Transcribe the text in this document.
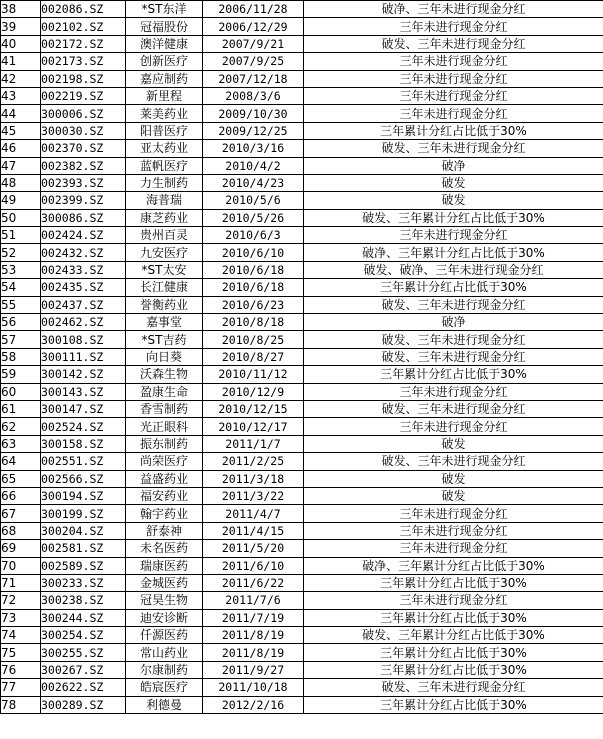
38	002086.SZ	*ST东洋	2006/11/28	破净、三年未进行现金分红
39	002102.SZ	冠福股份	2006/12/29	三年未进行现金分红
40	002172.SZ	澳洋健康	2007/9/21	破发、三年未进行现金分红
41	002173.SZ	创新医疗	2007/9/25	三年未进行现金分红
42	002198.SZ	嘉应制药	2007/12/18	三年未进行现金分红
43	002219.SZ	新里程	2008/3/6	三年未进行现金分红
44	300006.SZ	莱美药业	2009/10/30	三年未进行现金分红
45	300030.SZ	阳普医疗	2009/12/25	三年累计分红占比低于30%
46	002370.SZ	亚太药业	2010/3/16	破发、三年未进行现金分红
47	002382.SZ	蓝帆医疗	2010/4/2	破净
48	002393.SZ	力生制药	2010/4/23	破发
49	002399.SZ	海普瑞	2010/5/6	破发
50	300086.SZ	康芝药业	2010/5/26	破发、三年累计分红占比低于30%
51	002424.SZ	贵州百灵	2010/6/3	三年未进行现金分红
52	002432.SZ	九安医疗	2010/6/10	破净、三年累计分红占比低于30%
53	002433.SZ	*ST太安	2010/6/18	破发、破净、三年未进行现金分红
54	002435.SZ	长江健康	2010/6/18	三年累计分红占比低于30%
55	002437.SZ	誉衡药业	2010/6/23	破发、三年未进行现金分红
56	002462.SZ	嘉事堂	2010/8/18	破净
57	300108.SZ	*ST吉药	2010/8/25	破发、三年未进行现金分红
58	300111.SZ	向日葵	2010/8/27	破发、三年未进行现金分红
59	300142.SZ	沃森生物	2010/11/12	三年累计分红占比低于30%
60	300143.SZ	盈康生命	2010/12/9	三年未进行现金分红
61	300147.SZ	香雪制药	2010/12/15	破发、三年未进行现金分红
62	002524.SZ	光正眼科	2010/12/17	三年未进行现金分红
63	300158.SZ	振东制药	2011/1/7	破发
64	002551.SZ	尚荣医疗	2011/2/25	破发、三年未进行现金分红
65	002566.SZ	益盛药业	2011/3/18	破发
66	300194.SZ	福安药业	2011/3/22	破发
67	300199.SZ	翰宇药业	2011/4/7	三年未进行现金分红
68	300204.SZ	舒泰神	2011/4/15	三年未进行现金分红
69	002581.SZ	未名医药	2011/5/20	三年未进行现金分红
70	002589.SZ	瑞康医药	2011/6/10	破净、三年累计分红占比低于30%
71	300233.SZ	金城医药	2011/6/22	三年累计分红占比低于30%
72	300238.SZ	冠昊生物	2011/7/6	三年未进行现金分红
73	300244.SZ	迪安诊断	2011/7/19	三年累计分红占比低于30%
74	300254.SZ	仟源医药	2011/8/19	破发、三年累计分红占比低于30%
75	300255.SZ	常山药业	2011/8/19	三年累计分红占比低于30%
76	300267.SZ	尔康制药	2011/9/27	三年累计分红占比低于30%
77	002622.SZ	皓宸医疗	2011/10/18	破发、三年未进行现金分红
78	300289.SZ	利德曼	2012/2/16	三年累计分红占比低于30%
